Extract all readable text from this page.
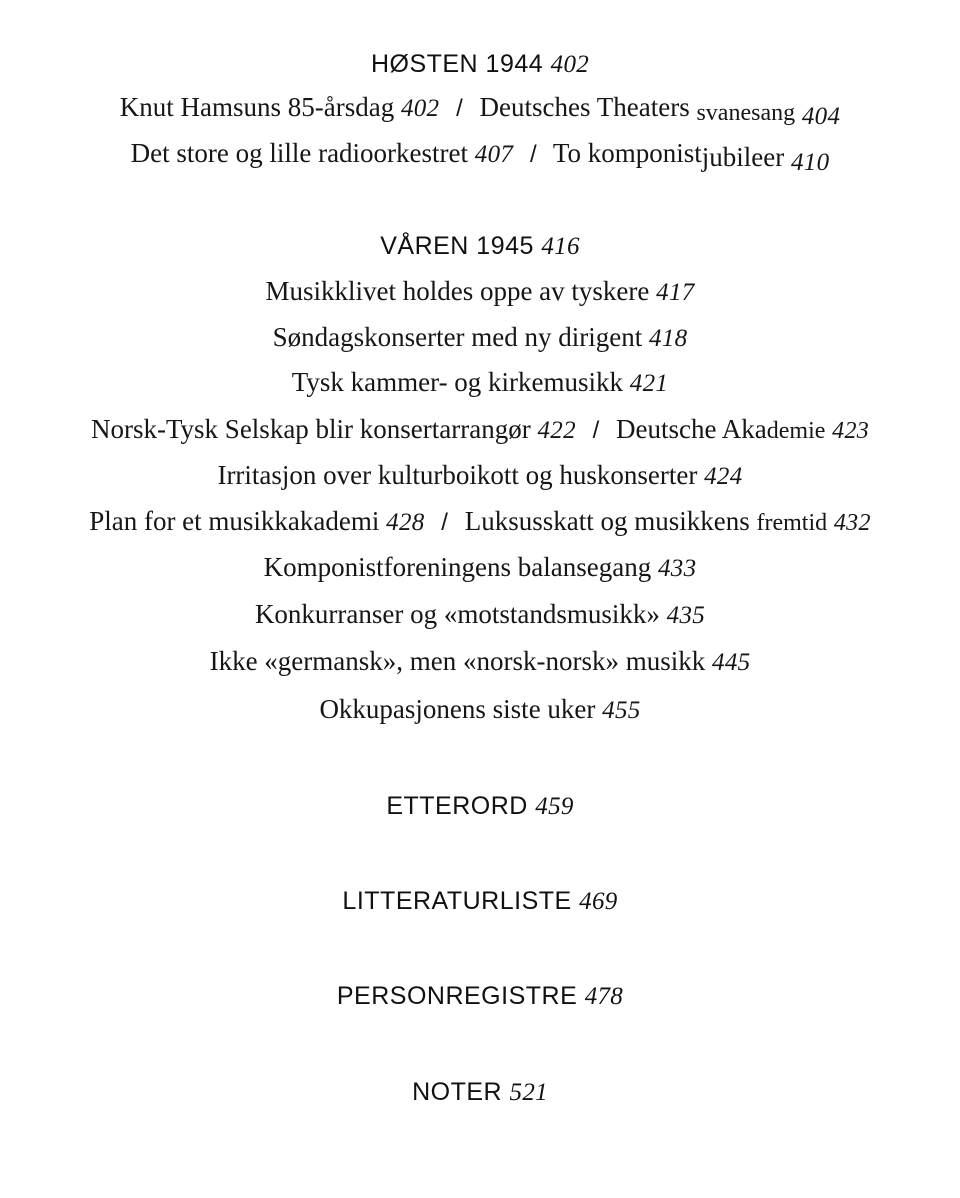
HØSTEN 1944 402
Knut Hamsuns 85-årsdag 402 / Deutsches Theaters svanesang 404
Det store og lille radioorkestret 407 / To komponistjubileer 410
VÅREN 1945 416
Musikklivet holdes oppe av tyskere 417
Søndagskonserter med ny dirigent 418
Tysk kammer- og kirkemusikk 421
Norsk-Tysk Selskap blir konsertarrangør 422 / Deutsche Akademie 423
Irritasjon over kulturboikott og huskonserter 424
Plan for et musikkakademi 428 / Luksusskatt og musikkens fremtid 432
Komponistforeningens balansegang 433
Konkurranser og «motstandsmusikk» 435
Ikke «germansk», men «norsk-norsk» musikk 445
Okkupasjonens siste uker 455
ETTERORD 459
LITTERATURLISTE 469
PERSONREGISTRE 478
NOTER 521
